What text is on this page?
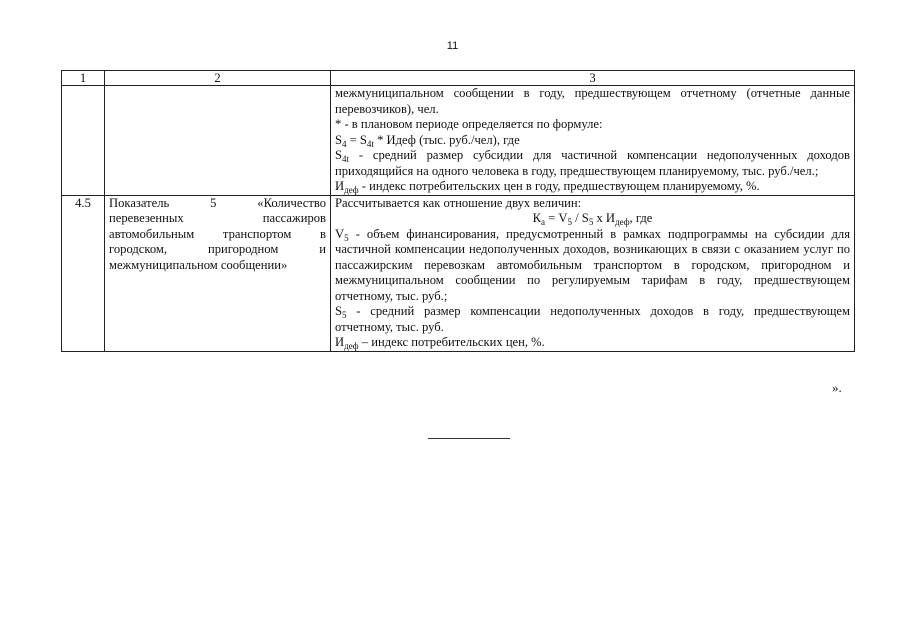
11
1	2	3

		межмуниципальном сообщении в году, предшествующем отчетному (отчетные данные перевозчиков), чел.

* - в плановом периоде определяется по формуле:

$S_4 = S_{4t}$ * Идеф (тыс. руб./чел), где

$S_{4t}$ - средний размер субсидии для частичной компенсации недополученных доходов приходящийся на одного человека в году, предшествующем планируемому, тыс. руб./чел.;

$И_{деф}$ - индекс потребительских цен в году, предшествующем планируемому, %.

4.5	Показатель 5 «Количество перевезенных пассажиров автомобильным транспортом в городском, пригородном и межмуниципальном сообщении»	Рассчитывается как отношение двух величин:

$К_а = V_5 / S_5$ х $И_{деф}$, где

$V_5$ - объем финансирования, предусмотренный в рамках подпрограммы на субсидии для частичной компенсации недополученных доходов, возникающих в связи с оказанием услуг по пассажирским перевозкам автомобильным транспортом в городском, пригородном и межмуниципальном сообщении по регулируемым тарифам в году, предшествующем отчетному, тыс. руб.;

$S_5$ - средний размер компенсации недополученных доходов в году, предшествующем отчетному, тыс. руб.

$И_{деф}$ – индекс потребительских цен, %.

».
